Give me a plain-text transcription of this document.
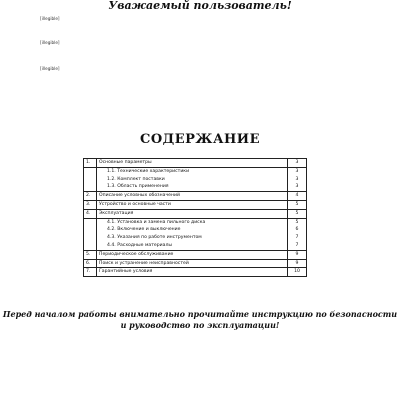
Уважаемый пользователь!
[illegible]
[illegible]
[illegible]
СОДЕРЖАНИЕ
1.	Основные параметры	3
	1.1. Технические характеристики	3
	1.2. Комплект поставки	3
	1.3. Область применения	3
2.	Описание условных обозначений	4
3.	Устройство и основные части	5
4.	Эксплуатация	5
	4.1. Установка и замена пильного диска	5
	4.2. Включение и выключение	6
	4.3. Указания по работе инструментом	7
	4.4. Расходные материалы	7
5.	Периодическое обслуживание	9
6.	Поиск и устранение неисправностей	9
7.	Гарантийные условия	10
Перед началом работы внимательно прочитайте инструкцию по безопасности и руководство по эксплуатации!
